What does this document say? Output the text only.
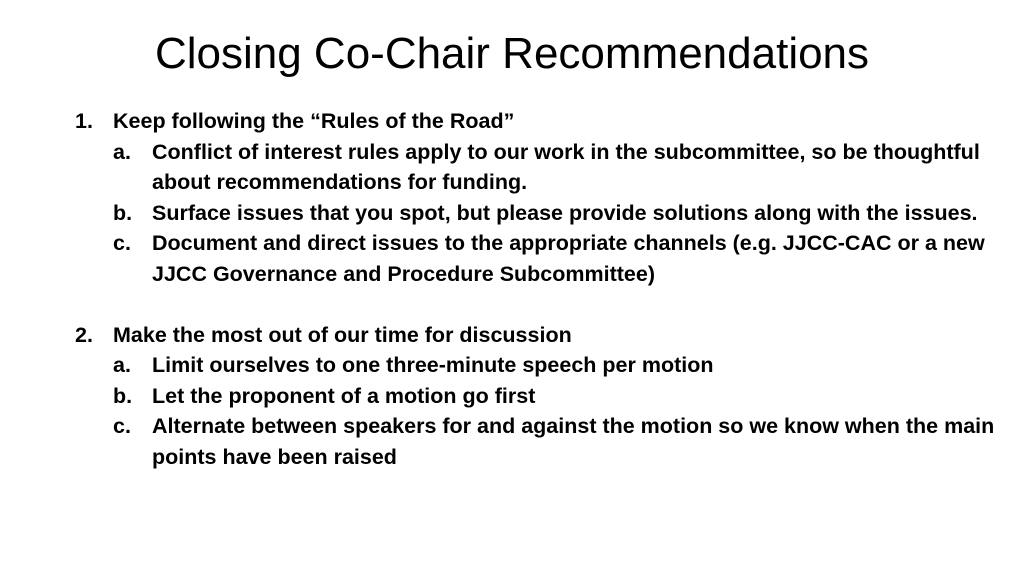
Closing Co-Chair Recommendations
1. Keep following the “Rules of the Road”
a. Conflict of interest rules apply to our work in the subcommittee, so be thoughtful about recommendations for funding.
b. Surface issues that you spot, but please provide solutions along with the issues.
c. Document and direct issues to the appropriate channels (e.g. JJCC-CAC or a new JJCC Governance and Procedure Subcommittee)
2. Make the most out of our time for discussion
a. Limit ourselves to one three-minute speech per motion
b. Let the proponent of a motion go first
c. Alternate between speakers for and against the motion so we know when the main points have been raised
